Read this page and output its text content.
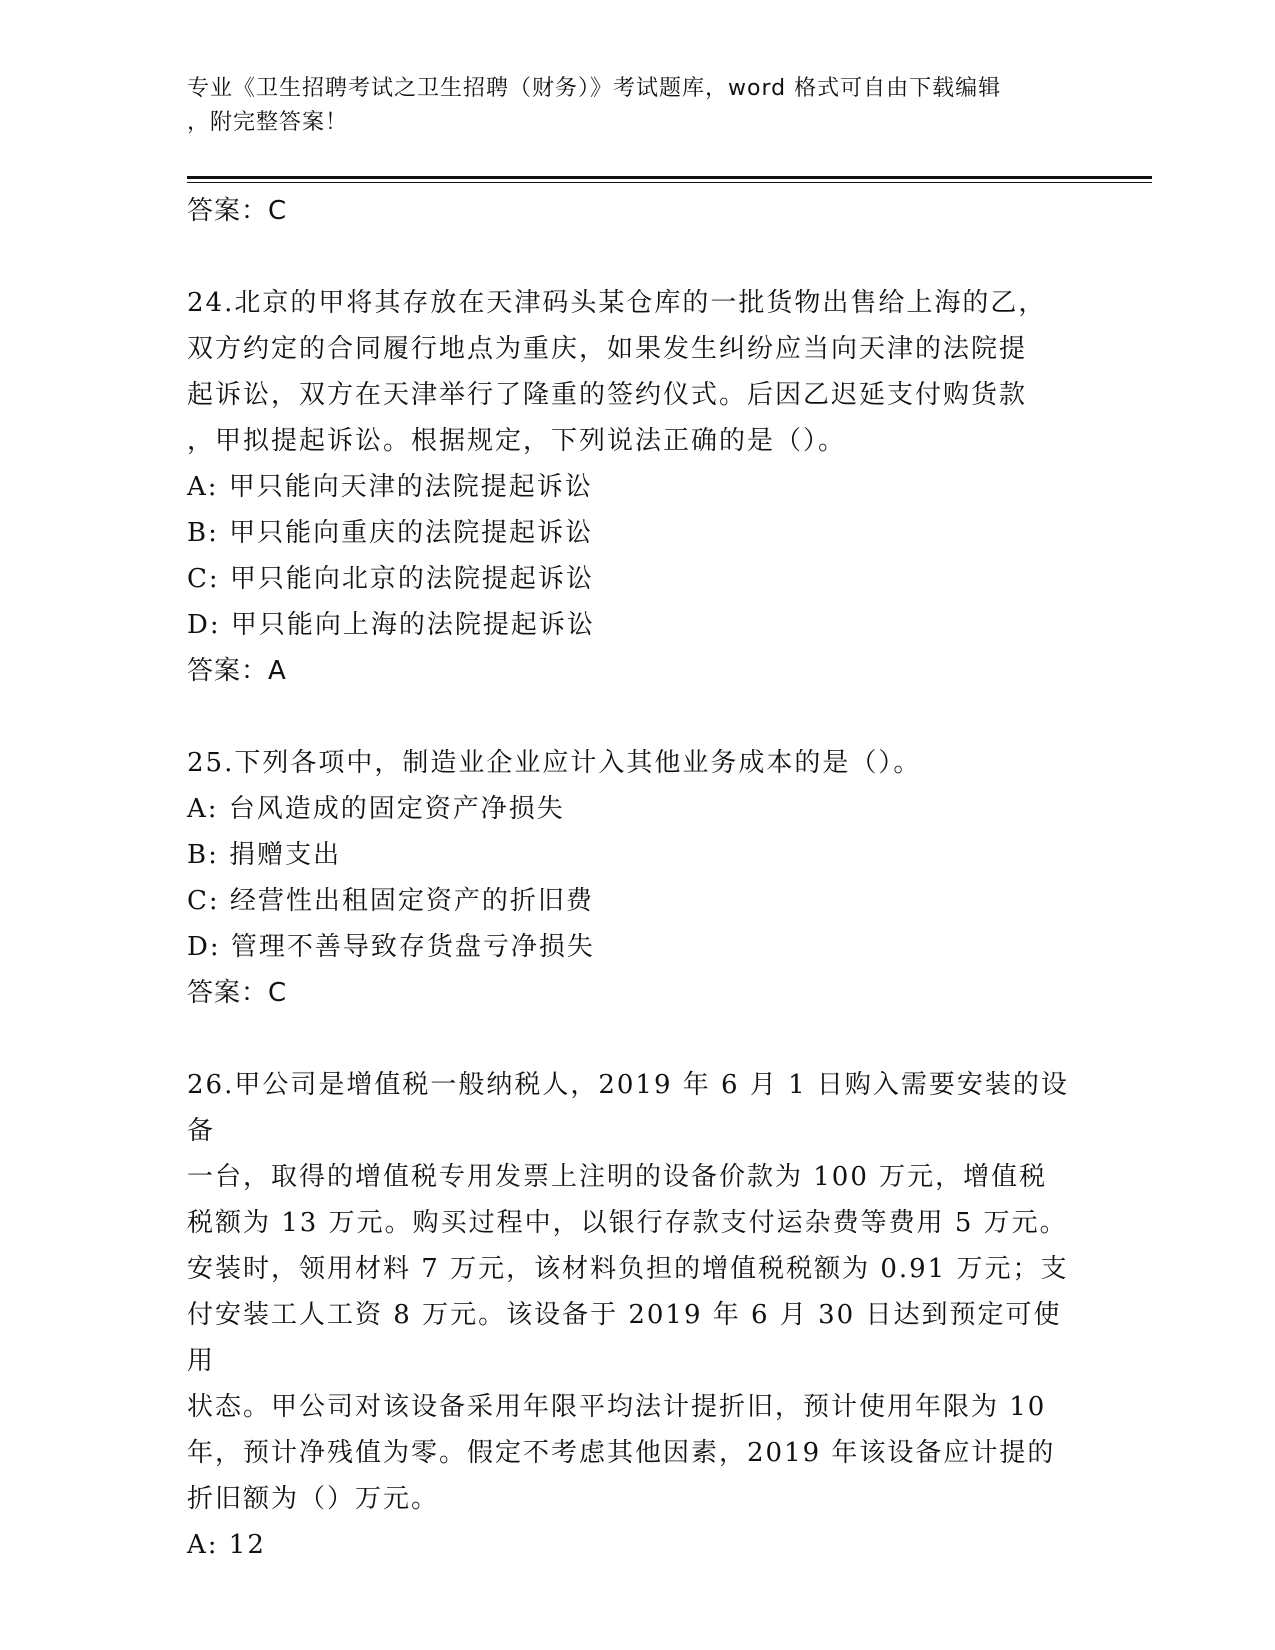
专业《卫生招聘考试之卫生招聘（财务）》考试题库，word 格式可自由下载编辑
，附完整答案！

答案：C

24.北京的甲将其存放在天津码头某仓库的一批货物出售给上海的乙，

双方约定的合同履行地点为重庆，如果发生纠纷应当向天津的法院提

起诉讼，双方在天津举行了隆重的签约仪式。后因乙迟延支付购货款

，甲拟提起诉讼。根据规定，下列说法正确的是（）。

A: 甲只能向天津的法院提起诉讼

B: 甲只能向重庆的法院提起诉讼

C: 甲只能向北京的法院提起诉讼

D: 甲只能向上海的法院提起诉讼

答案：A

25.下列各项中，制造业企业应计入其他业务成本的是（）。

A: 台风造成的固定资产净损失

B: 捐赠支出

C: 经营性出租固定资产的折旧费

D: 管理不善导致存货盘亏净损失

答案：C

26.甲公司是增值税一般纳税人，2019 年 6 月 1 日购入需要安装的设备

一台，取得的增值税专用发票上注明的设备价款为 100 万元，增值税

税额为 13 万元。购买过程中，以银行存款支付运杂费等费用 5 万元。

安装时，领用材料 7 万元，该材料负担的增值税税额为 0.91 万元；支

付安装工人工资 8 万元。该设备于 2019 年 6 月 30 日达到预定可使用

状态。甲公司对该设备采用年限平均法计提折旧，预计使用年限为 10

年，预计净残值为零。假定不考虑其他因素，2019 年该设备应计提的

折旧额为（）万元。

A: 12
